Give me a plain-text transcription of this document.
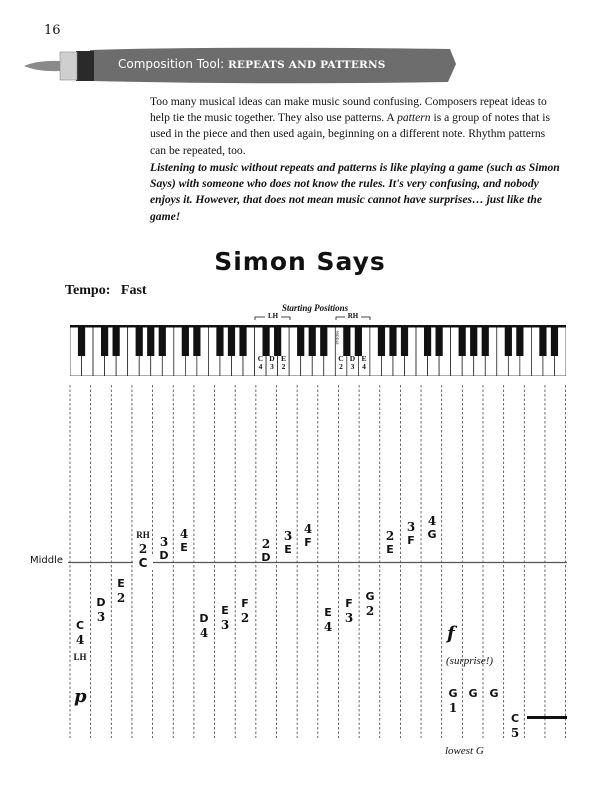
16
Composition Tool: REPEATS AND PATTERNS
Too many musical ideas can make music sound confusing. Composers repeat ideas to help tie the music together. They also use patterns. A pattern is a group of notes that is used in the piece and then used again, beginning on a different note. Rhythm patterns can be repeated, too.
Listening to music without repeats and patterns is like playing a game (such as Simon Says) with someone who does not know the rules. It's very confusing, and nobody enjoys it. However, that does not mean music cannot have surprises… just like the game!
Simon Says
Tempo: Fast
Starting Positions
LH	RH
MIDDLE
C
4
D
3
E
2
C
2
D
3
E
4
Middle
C
4
LH
D
3
E
2
RH
2
C
3
D
4
E
D
4
E
3
F
2
2
D
3
E
4
F
E
4
F
3
G
2
2
E
3
F
4
G
G
1
G	G
C
5
p
f
(surprise!)
lowest G
